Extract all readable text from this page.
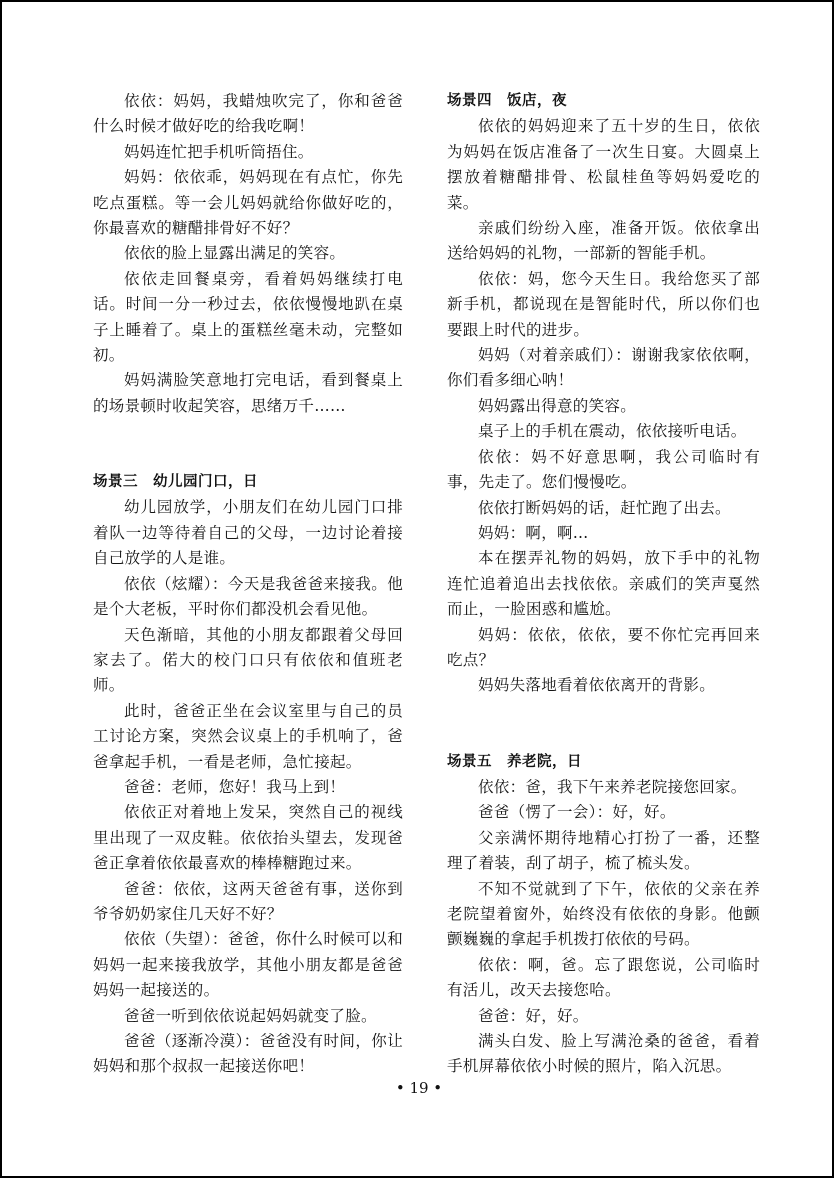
依依：妈妈，我蜡烛吹完了，你和爸爸什么时候才做好吃的给我吃啊！

妈妈连忙把手机听筒捂住。

妈妈：依依乖，妈妈现在有点忙，你先吃点蛋糕。等一会儿妈妈就给你做好吃的，你最喜欢的糖醋排骨好不好？

依依的脸上显露出满足的笑容。

依依走回餐桌旁，看着妈妈继续打电话。时间一分一秒过去，依依慢慢地趴在桌子上睡着了。桌上的蛋糕丝毫未动，完整如初。

妈妈满脸笑意地打完电话，看到餐桌上的场景顿时收起笑容，思绪万千……

场景三　幼儿园门口，日

幼儿园放学，小朋友们在幼儿园门口排着队一边等待着自己的父母，一边讨论着接自己放学的人是谁。

依依（炫耀）：今天是我爸爸来接我。他是个大老板，平时你们都没机会看见他。

天色渐暗，其他的小朋友都跟着父母回家去了。偌大的校门口只有依依和值班老师。

此时，爸爸正坐在会议室里与自己的员工讨论方案，突然会议桌上的手机响了，爸爸拿起手机，一看是老师，急忙接起。

爸爸：老师，您好！我马上到！

依依正对着地上发呆，突然自己的视线里出现了一双皮鞋。依依抬头望去，发现爸爸正拿着依依最喜欢的棒棒糖跑过来。

爸爸：依依，这两天爸爸有事，送你到爷爷奶奶家住几天好不好？

依依（失望）：爸爸，你什么时候可以和妈妈一起来接我放学，其他小朋友都是爸爸妈妈一起接送的。

爸爸一听到依依说起妈妈就变了脸。

爸爸（逐渐冷漠）：爸爸没有时间，你让妈妈和那个叔叔一起接送你吧！

场景四　饭店，夜

依依的妈妈迎来了五十岁的生日，依依为妈妈在饭店准备了一次生日宴。大圆桌上摆放着糖醋排骨、松鼠桂鱼等妈妈爱吃的菜。

亲戚们纷纷入座，准备开饭。依依拿出送给妈妈的礼物，一部新的智能手机。

依依：妈，您今天生日。我给您买了部新手机，都说现在是智能时代，所以你们也要跟上时代的进步。

妈妈（对着亲戚们）：谢谢我家依依啊，你们看多细心呐！

妈妈露出得意的笑容。

桌子上的手机在震动，依依接听电话。

依依：妈不好意思啊，我公司临时有事，先走了。您们慢慢吃。

依依打断妈妈的话，赶忙跑了出去。

妈妈：啊，啊…

本在摆弄礼物的妈妈，放下手中的礼物连忙追着追出去找依依。亲戚们的笑声戛然而止，一脸困惑和尴尬。

妈妈：依依，依依，要不你忙完再回来吃点？

妈妈失落地看着依依离开的背影。

场景五　养老院，日

依依：爸，我下午来养老院接您回家。

爸爸（愣了一会）：好，好。

父亲满怀期待地精心打扮了一番，还整理了着装，刮了胡子，梳了梳头发。

不知不觉就到了下午，依依的父亲在养老院望着窗外，始终没有依依的身影。他颤颤巍巍的拿起手机拨打依依的号码。

依依：啊，爸。忘了跟您说，公司临时有活儿，改天去接您哈。

爸爸：好，好。

满头白发、脸上写满沧桑的爸爸，看着手机屏幕依依小时候的照片，陷入沉思。

• 19 •
